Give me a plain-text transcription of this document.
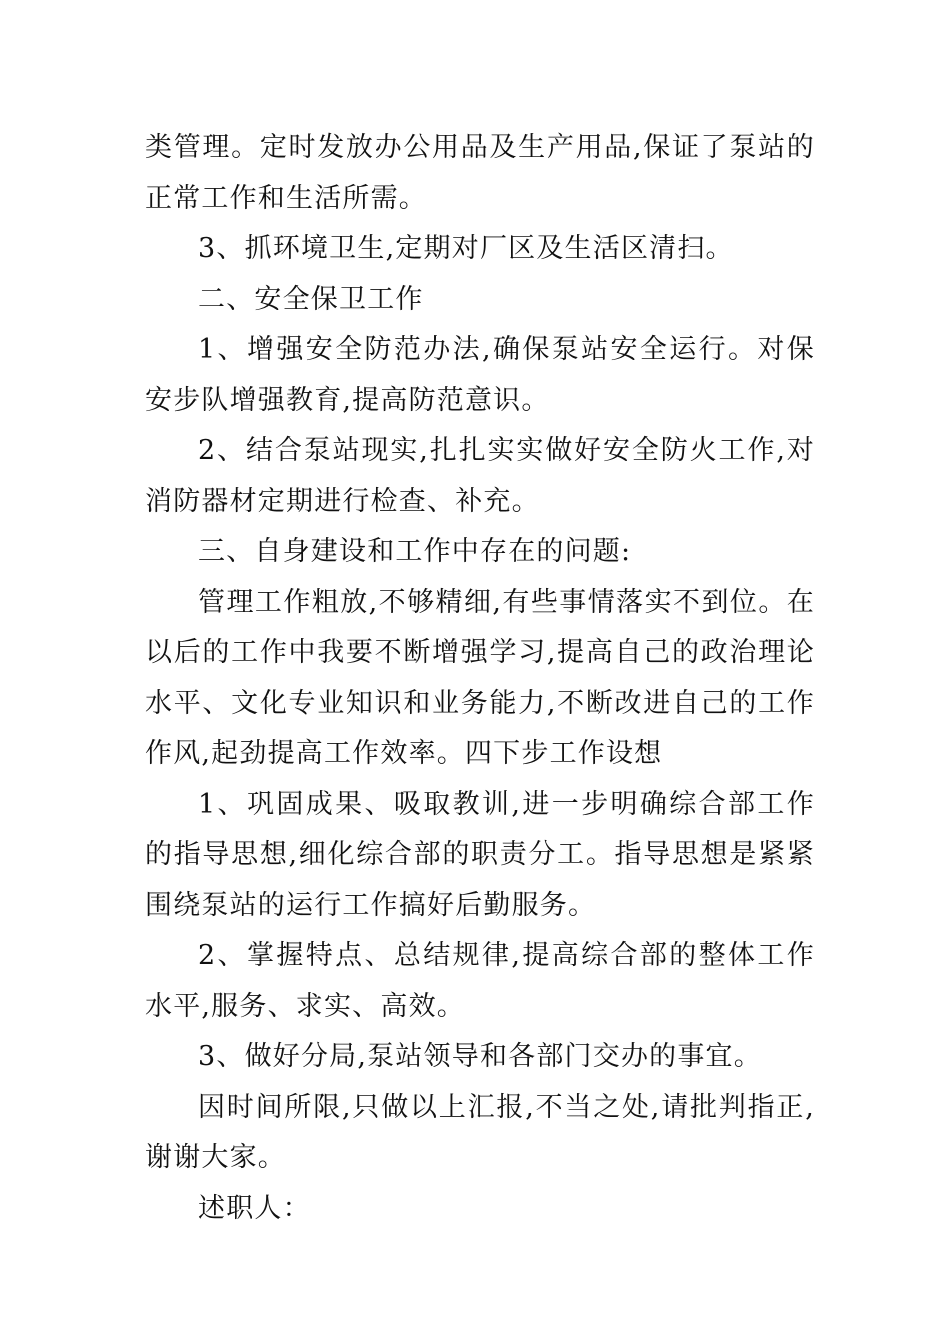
类管理。定时发放办公用品及生产用品,保证了泵站的正常工作和生活所需。

3、抓环境卫生,定期对厂区及生活区清扫。

二、安全保卫工作

1、增强安全防范办法,确保泵站安全运行。对保安步队增强教育,提高防范意识。

2、结合泵站现实,扎扎实实做好安全防火工作,对消防器材定期进行检查、补充。

三、自身建设和工作中存在的问题:

管理工作粗放,不够精细,有些事情落实不到位。在以后的工作中我要不断增强学习,提高自己的政治理论水平、文化专业知识和业务能力,不断改进自己的工作作风,起劲提高工作效率。四下步工作设想

1、巩固成果、吸取教训,进一步明确综合部工作的指导思想,细化综合部的职责分工。指导思想是紧紧围绕泵站的运行工作搞好后勤服务。

2、掌握特点、总结规律,提高综合部的整体工作水平,服务、求实、高效。

3、做好分局,泵站领导和各部门交办的事宜。

因时间所限,只做以上汇报,不当之处,请批判指正,谢谢大家。

述职人：
